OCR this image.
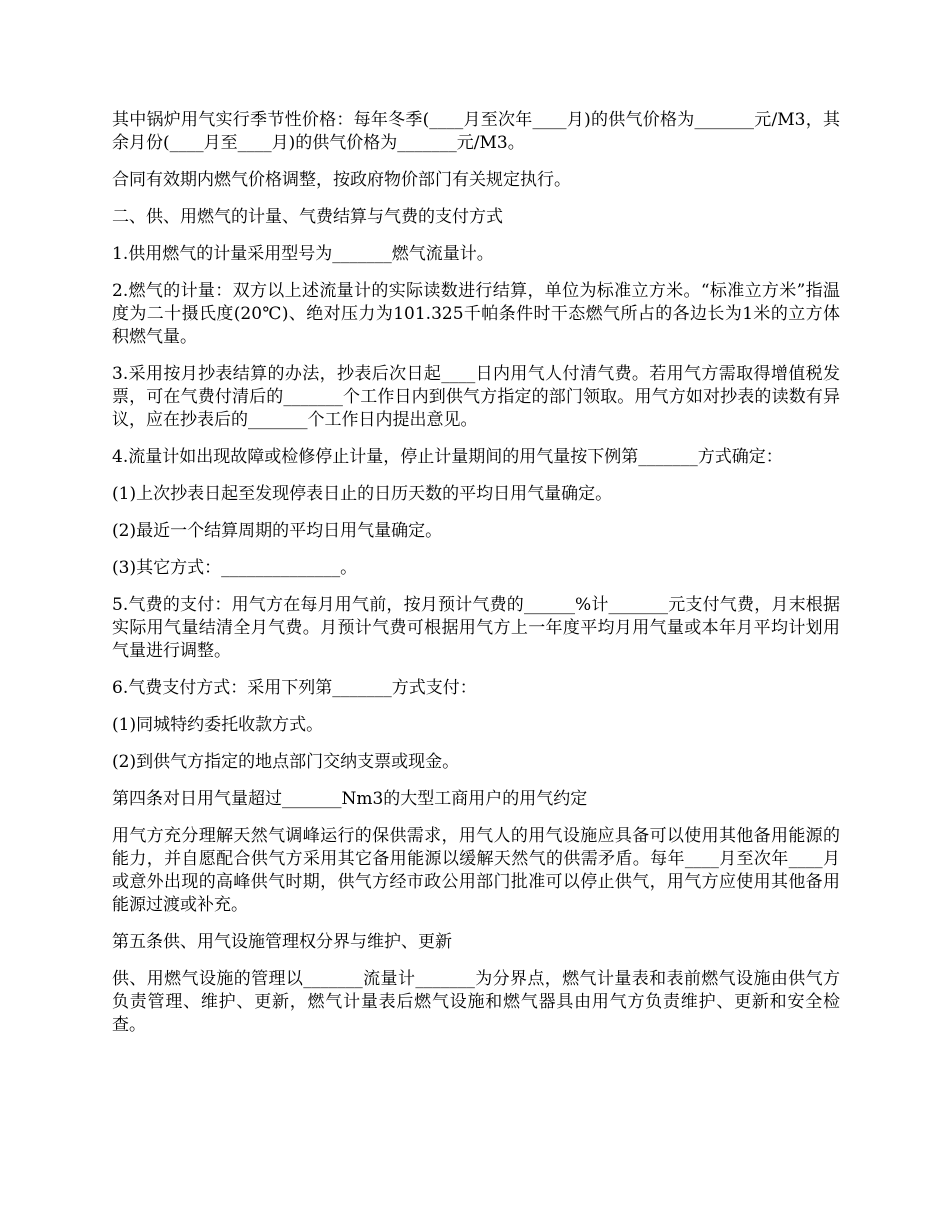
其中锅炉用气实行季节性价格：每年冬季(____月至次年____月)的供气价格为_______元/M3，其余月份(____月至____月)的供气价格为_______元/M3。

合同有效期内燃气价格调整，按政府物价部门有关规定执行。

二、供、用燃气的计量、气费结算与气费的支付方式

1.供用燃气的计量采用型号为_______燃气流量计。

2.燃气的计量：双方以上述流量计的实际读数进行结算，单位为标准立方米。“标准立方米”指温度为二十摄氏度(20℃)、绝对压力为101.325千帕条件时干态燃气所占的各边长为1米的立方体积燃气量。

3.采用按月抄表结算的办法，抄表后次日起____日内用气人付清气费。若用气方需取得增值税发票，可在气费付清后的_______个工作日内到供气方指定的部门领取。用气方如对抄表的读数有异议，应在抄表后的_______个工作日内提出意见。

4.流量计如出现故障或检修停止计量，停止计量期间的用气量按下例第_______方式确定：

(1)上次抄表日起至发现停表日止的日历天数的平均日用气量确定。

(2)最近一个结算周期的平均日用气量确定。

(3)其它方式：______________。

5.气费的支付：用气方在每月用气前，按月预计气费的______%计_______元支付气费，月末根据实际用气量结清全月气费。月预计气费可根据用气方上一年度平均月用气量或本年月平均计划用气量进行调整。

6.气费支付方式：采用下列第_______方式支付：

(1)同城特约委托收款方式。

(2)到供气方指定的地点部门交纳支票或现金。

第四条对日用气量超过_______Nm3的大型工商用户的用气约定

用气方充分理解天然气调峰运行的保供需求，用气人的用气设施应具备可以使用其他备用能源的能力，并自愿配合供气方采用其它备用能源以缓解天然气的供需矛盾。每年____月至次年____月或意外出现的高峰供气时期，供气方经市政公用部门批准可以停止供气，用气方应使用其他备用能源过渡或补充。

第五条供、用气设施管理权分界与维护、更新

供、用燃气设施的管理以_______流量计_______为分界点，燃气计量表和表前燃气设施由供气方负责管理、维护、更新，燃气计量表后燃气设施和燃气器具由用气方负责维护、更新和安全检查。
